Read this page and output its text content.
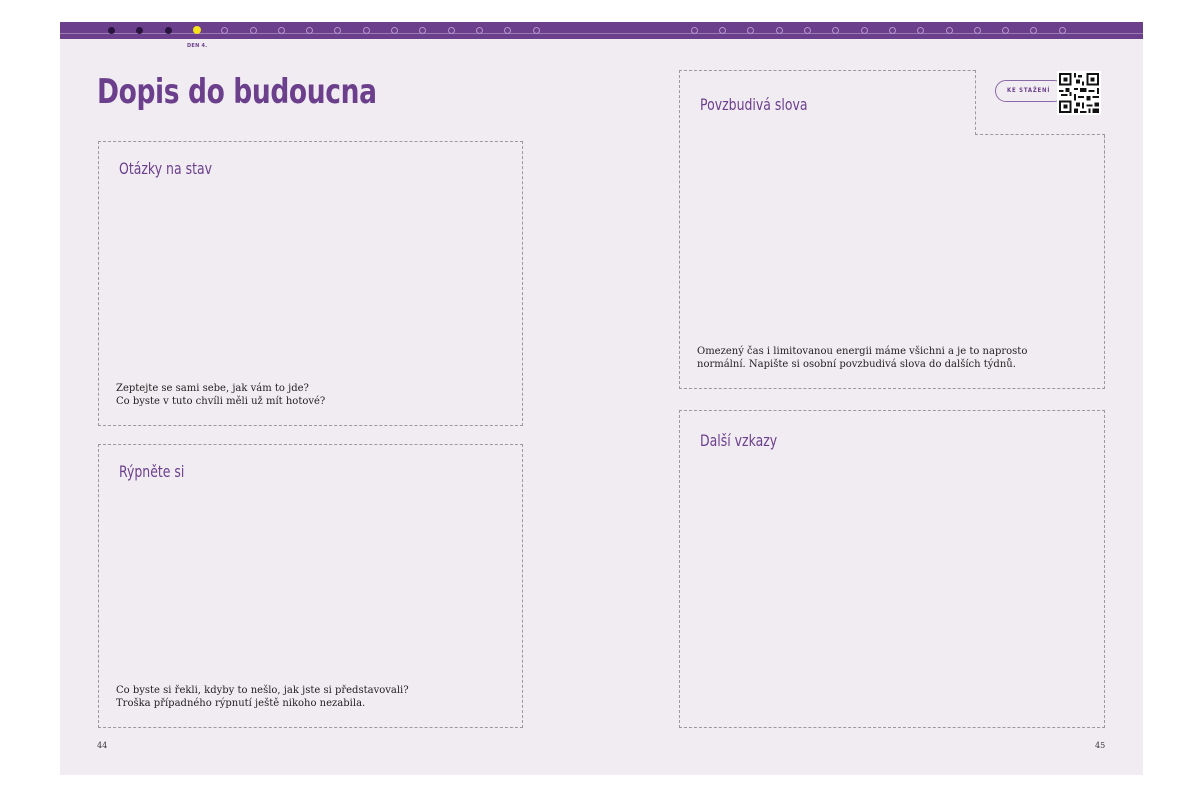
DEN 4.
Dopis do budoucna
Otázky na stav
Zeptejte se sami sebe, jak vám to jde?
Co byste v tuto chvíli měli už mít hotové?
Rýpněte si
Co byste si řekli, kdyby to nešlo, jak jste si představovali?
Troška případného rýpnutí ještě nikoho nezabila.
Povzbudivá slova
Omezený čas i limitovanou energii máme všichni a je to naprosto
normální. Napište si osobní povzbudivá slova do dalších týdnů.
KE STAŽENÍ
Další vzkazy
44	45
